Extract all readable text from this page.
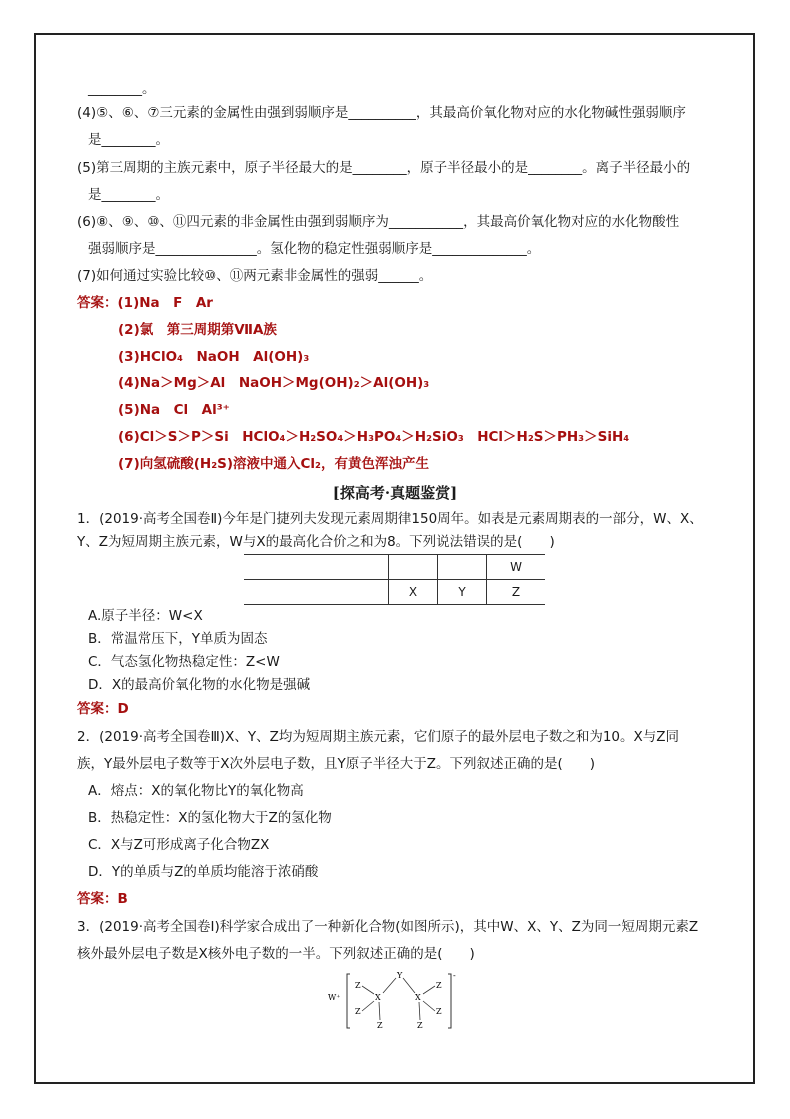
________。
(4)⑤、⑥、⑦三元素的金属性由强到弱顺序是__________，其最高价氧化物对应的水化物碱性强弱顺序
是________。
(5)第三周期的主族元素中，原子半径最大的是________，原子半径最小的是________。离子半径最小的
是________。
(6)⑧、⑨、⑩、⑪四元素的非金属性由强到弱顺序为___________，其最高价氧化物对应的水化物酸性
强弱顺序是_______________。氢化物的稳定性强弱顺序是______________。
(7)如何通过实验比较⑩、⑪两元素非金属性的强弱______。
答案：(1)Na　F　Ar
(2)氯　第三周期第ⅦA族
(3)HClO₄　NaOH　Al(OH)₃
(4)Na＞Mg＞Al　NaOH＞Mg(OH)₂＞Al(OH)₃
(5)Na　Cl　Al³⁺
(6)Cl＞S＞P＞Si　HClO₄＞H₂SO₄＞H₃PO₄＞H₂SiO₃　HCl＞H₂S＞PH₃＞SiH₄
(7)向氢硫酸(H₂S)溶液中通入Cl₂，有黄色浑浊产生
[探高考·真题鉴赏]
1．(2019·高考全国卷Ⅱ)今年是门捷列夫发现元素周期律150周年。如表是元素周期表的一部分，W、X、
Y、Z为短周期主族元素，W与X的最高化合价之和为8。下列说法错误的是(　　)
			W
	X	Y	Z
A.原子半径：W<X
B．常温常压下，Y单质为固态
C．气态氢化物热稳定性：Z<W
D．X的最高价氧化物的水化物是强碱
答案：D
2．(2019·高考全国卷Ⅲ)X、Y、Z均为短周期主族元素，它们原子的最外层电子数之和为10。X与Z同
族，Y最外层电子数等于X次外层电子数，且Y原子半径大于Z。下列叙述正确的是(　　)
A．熔点：X的氧化物比Y的氧化物高
B．热稳定性：X的氢化物大于Z的氢化物
C．X与Z可形成离子化合物ZX
D．Y的单质与Z的单质均能溶于浓硝酸
答案：B
3．(2019·高考全国卷Ⅰ)科学家合成出了一种新化合物(如图所示)，其中W、X、Y、Z为同一短周期元素Z
核外最外层电子数是X核外电子数的一半。下列叙述正确的是(　　)
W⁺
-
Z
Z
X
Z
Y
X
Z
Z
Z
